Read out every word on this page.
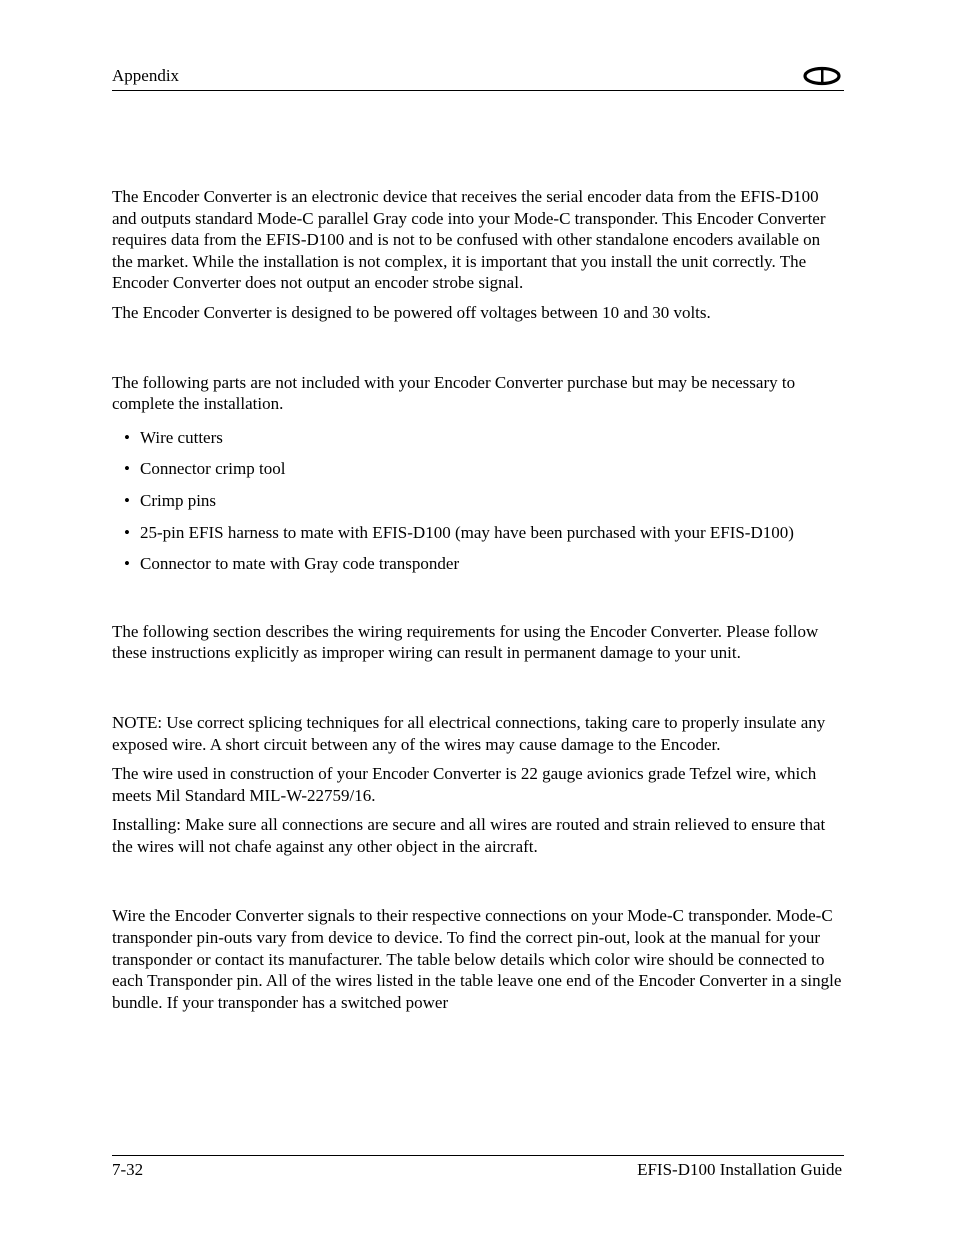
Appendix

The Encoder Converter is an electronic device that receives the serial encoder data from the EFIS-D100 and outputs standard Mode-C parallel Gray code into your Mode-C transponder. This Encoder Converter requires data from the EFIS-D100 and is not to be confused with other standalone encoders available on the market. While the installation is not complex, it is important that you install the unit correctly. The Encoder Converter does not output an encoder strobe signal.

The Encoder Converter is designed to be powered off voltages between 10 and 30 volts.

The following parts are not included with your Encoder Converter purchase but may be necessary to complete the installation.

• Wire cutters
• Connector crimp tool
• Crimp pins
• 25-pin EFIS harness to mate with EFIS-D100 (may have been purchased with your EFIS-D100)
• Connector to mate with Gray code transponder

The following section describes the wiring requirements for using the Encoder Converter. Please follow these instructions explicitly as improper wiring can result in permanent damage to your unit.

NOTE: Use correct splicing techniques for all electrical connections, taking care to properly insulate any exposed wire. A short circuit between any of the wires may cause damage to the Encoder.

The wire used in construction of your Encoder Converter is 22 gauge avionics grade Tefzel wire, which meets Mil Standard MIL-W-22759/16.

Installing: Make sure all connections are secure and all wires are routed and strain relieved to ensure that the wires will not chafe against any other object in the aircraft.

Wire the Encoder Converter signals to their respective connections on your Mode-C transponder. Mode-C transponder pin-outs vary from device to device. To find the correct pin-out, look at the manual for your transponder or contact its manufacturer. The table below details which color wire should be connected to each Transponder pin. All of the wires listed in the table leave one end of the Encoder Converter in a single bundle. If your transponder has a switched power

7-32	EFIS-D100 Installation Guide
